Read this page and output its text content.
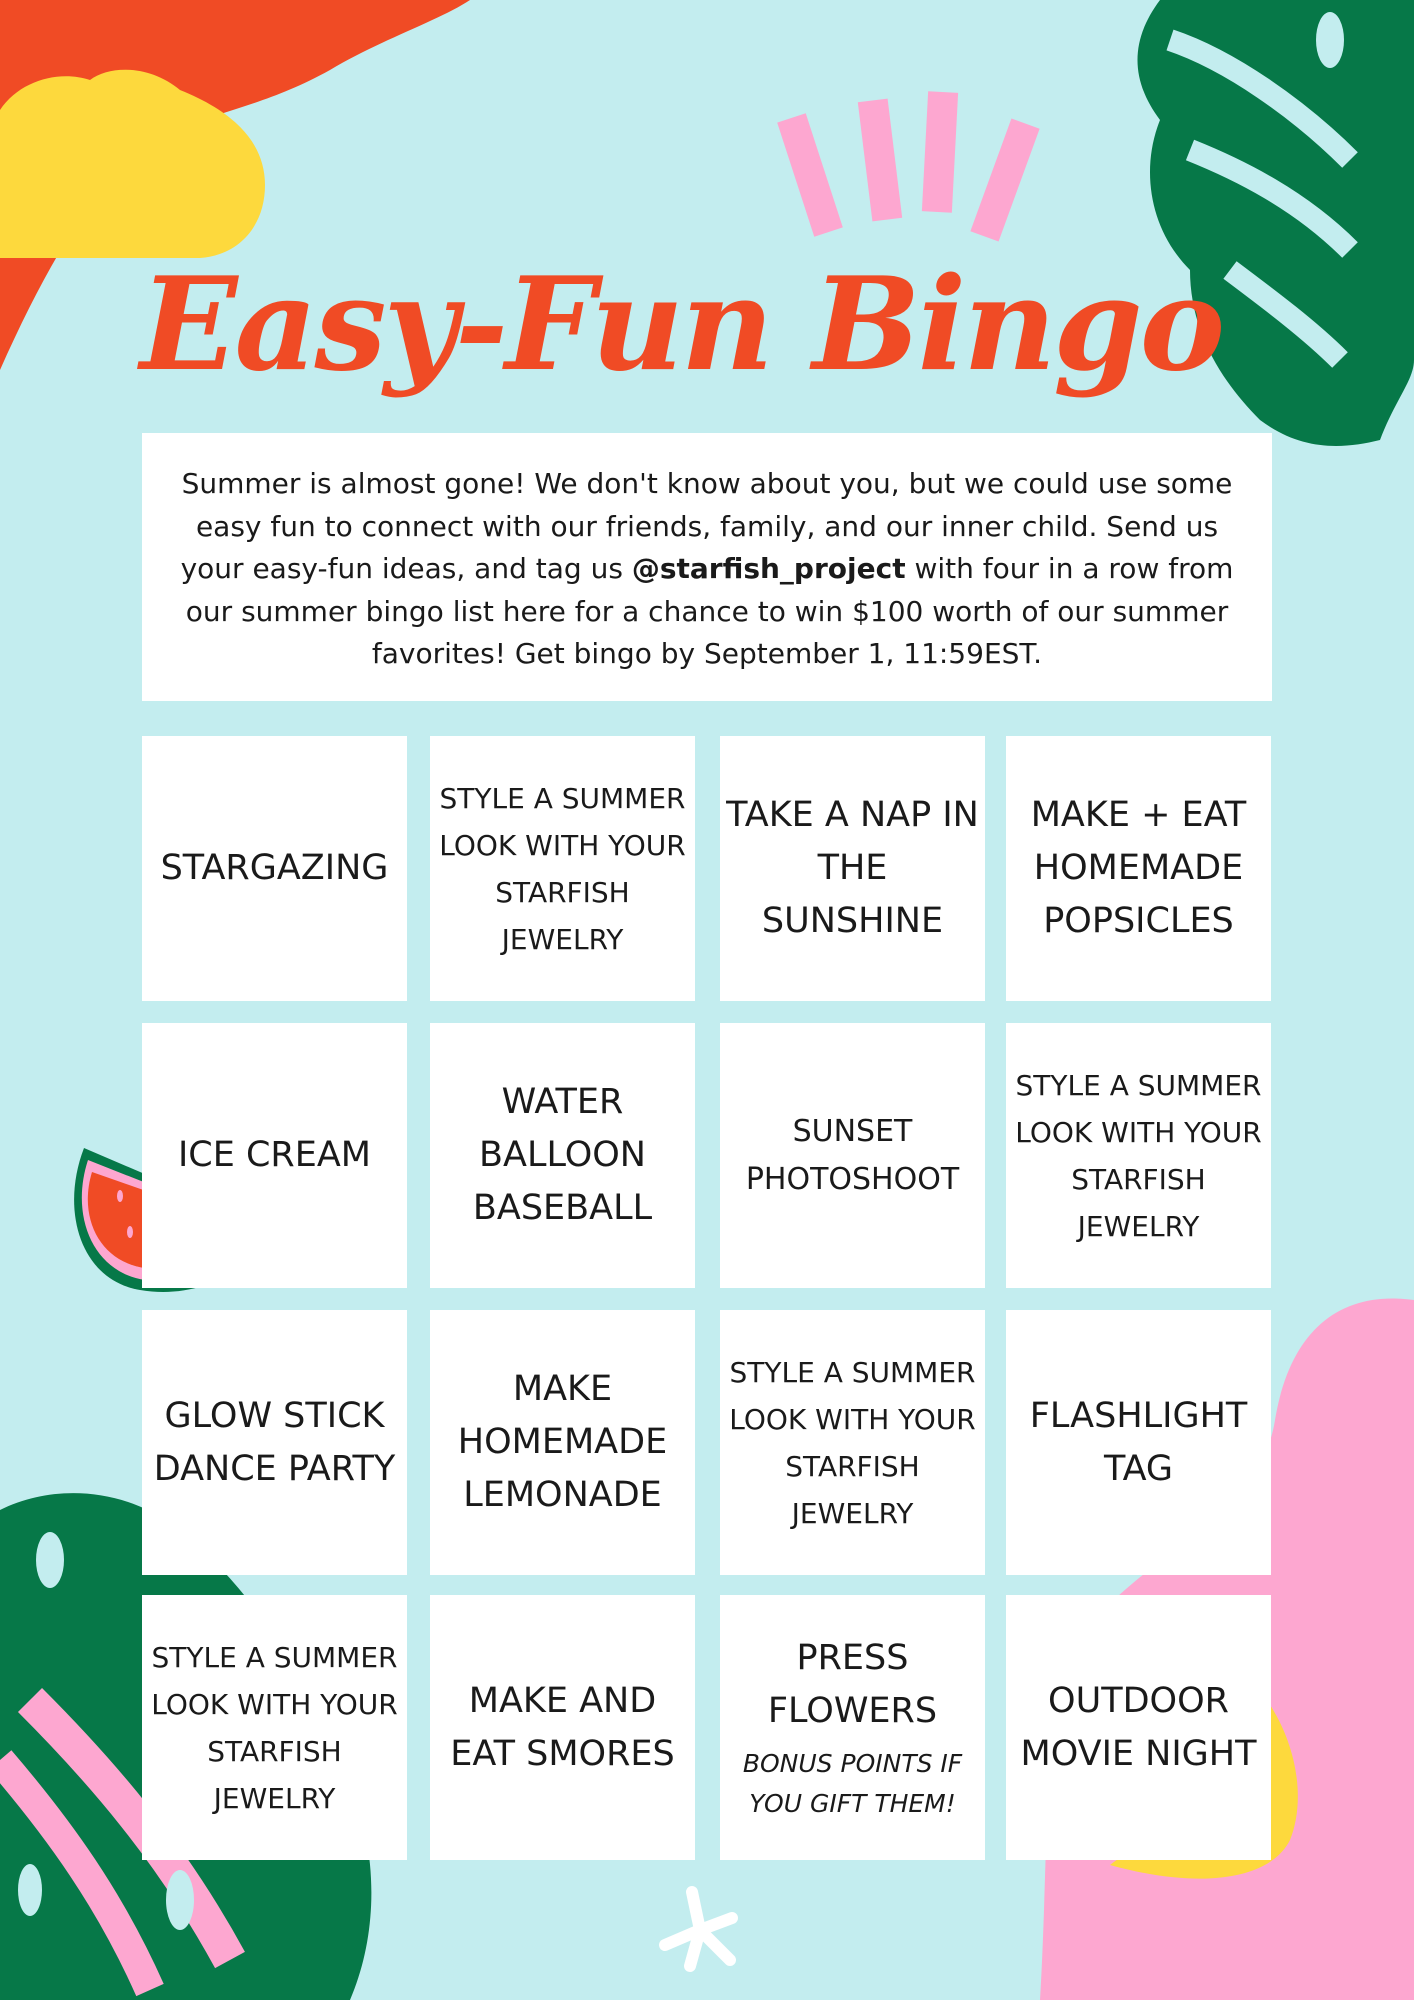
Easy-Fun Bingo
Summer is almost gone! We don't know about you, but we could use some easy fun to connect with our friends, family, and our inner child. Send us your easy-fun ideas, and tag us @starfish_project with four in a row from our summer bingo list here for a chance to win $100 worth of our summer favorites! Get bingo by September 1, 11:59EST.
STARGAZING
STYLE A SUMMER LOOK WITH YOUR STARFISH JEWELRY
TAKE A NAP IN THE SUNSHINE
MAKE + EAT HOMEMADE POPSICLES
ICE CREAM
WATER BALLOON BASEBALL
SUNSET PHOTOSHOOT
STYLE A SUMMER LOOK WITH YOUR STARFISH JEWELRY
GLOW STICK DANCE PARTY
MAKE HOMEMADE LEMONADE
STYLE A SUMMER LOOK WITH YOUR STARFISH JEWELRY
FLASHLIGHT TAG
STYLE A SUMMER LOOK WITH YOUR STARFISH JEWELRY
MAKE AND EAT SMORES
PRESS FLOWERS
BONUS POINTS IF YOU GIFT THEM!
OUTDOOR MOVIE NIGHT
